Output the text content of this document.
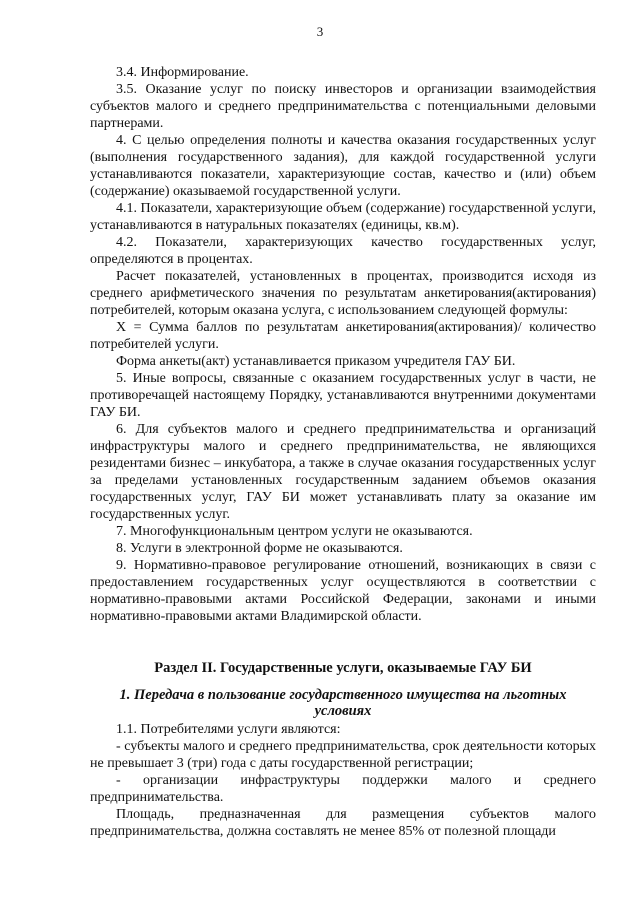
3

3.4. Информирование.

3.5. Оказание услуг по поиску инвесторов и организации взаимодействия субъектов малого и среднего предпринимательства с потенциальными деловыми партнерами.

4. С целью определения полноты и качества оказания государственных услуг (выполнения государственного задания), для каждой государственной услуги устанавливаются показатели, характеризующие состав, качество и (или) объем (содержание) оказываемой государственной услуги.

4.1. Показатели, характеризующие объем (содержание) государственной услуги, устанавливаются в натуральных показателях (единицы, кв.м).

4.2. Показатели, характеризующих качество государственных услуг, определяются в процентах.

Расчет показателей, установленных в процентах, производится исходя из среднего арифметического значения по результатам анкетирования(актирования) потребителей, которым оказана услуга, с использованием следующей формулы:

Х = Сумма баллов по результатам анкетирования(актирования)/ количество потребителей услуги.

Форма анкеты(акт) устанавливается приказом учредителя ГАУ БИ.

5. Иные вопросы, связанные с оказанием государственных услуг в части, не противоречащей настоящему Порядку, устанавливаются внутренними документами ГАУ БИ.

6. Для субъектов малого и среднего предпринимательства и организаций инфраструктуры малого и среднего предпринимательства, не являющихся резидентами бизнес – инкубатора, а также в случае оказания государственных услуг за пределами установленных государственным заданием объемов оказания государственных услуг, ГАУ БИ может устанавливать плату за оказание им государственных услуг.

7. Многофункциональным центром услуги не оказываются.

8. Услуги в электронной форме не оказываются.

9. Нормативно-правовое регулирование отношений, возникающих в связи с предоставлением государственных услуг осуществляются в соответствии с нормативно-правовыми актами Российской Федерации, законами и иными нормативно-правовыми актами Владимирской области.

Раздел II. Государственные услуги, оказываемые ГАУ БИ
1. Передача в пользование государственного имущества на льготных условиях

1.1. Потребителями услуги являются:

- субъекты малого и среднего предпринимательства, срок деятельности которых не превышает 3 (три) года с даты государственной регистрации;

- организации инфраструктуры поддержки малого и среднего предпринимательства.

Площадь, предназначенная для размещения субъектов малого предпринимательства, должна составлять не менее 85% от полезной площади
